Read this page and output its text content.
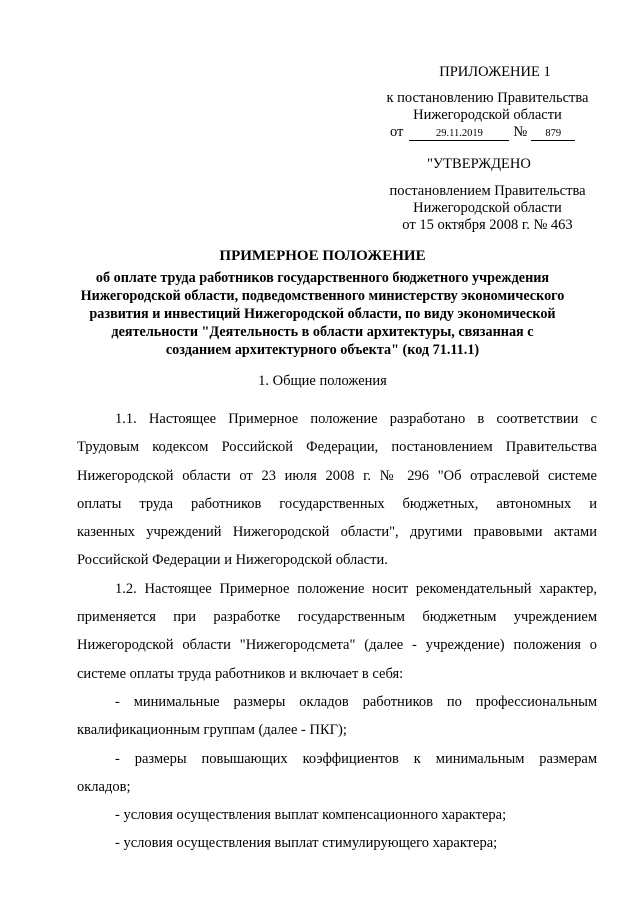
ПРИЛОЖЕНИЕ 1
к постановлению Правительства
Нижегородской области
от	29.11.2019 № 879
"УТВЕРЖДЕНО
постановлением Правительства
Нижегородской области
от 15 октября 2008 г. № 463
ПРИМЕРНОЕ ПОЛОЖЕНИЕ
об оплате труда работников государственного бюджетного учреждения
Нижегородской области, подведомственного министерству экономического
развития и инвестиций Нижегородской области, по виду экономической
деятельности "Деятельность в области архитектуры, связанная с
созданием архитектурного объекта" (код 71.11.1)
1. Общие положения
1.1. Настоящее Примерное положение разработано в соответствии с
Трудовым кодексом Российской Федерации, постановлением Правительства
Нижегородской области от 23 июля 2008 г. № 296 "Об отраслевой системе
оплаты труда работников государственных бюджетных, автономных и
казенных учреждений Нижегородской области", другими правовыми актами
Российской Федерации и Нижегородской области.
1.2. Настоящее Примерное положение носит рекомендательный характер,
применяется при разработке государственным бюджетным учреждением
Нижегородской области "Нижегородсмета" (далее - учреждение) положения о
системе оплаты труда работников и включает в себя:
- минимальные размеры окладов работников по профессиональным
квалификационным группам (далее - ПКГ);
- размеры повышающих коэффициентов к минимальным размерам
окладов;
- условия осуществления выплат компенсационного характера;
- условия осуществления выплат стимулирующего характера;
